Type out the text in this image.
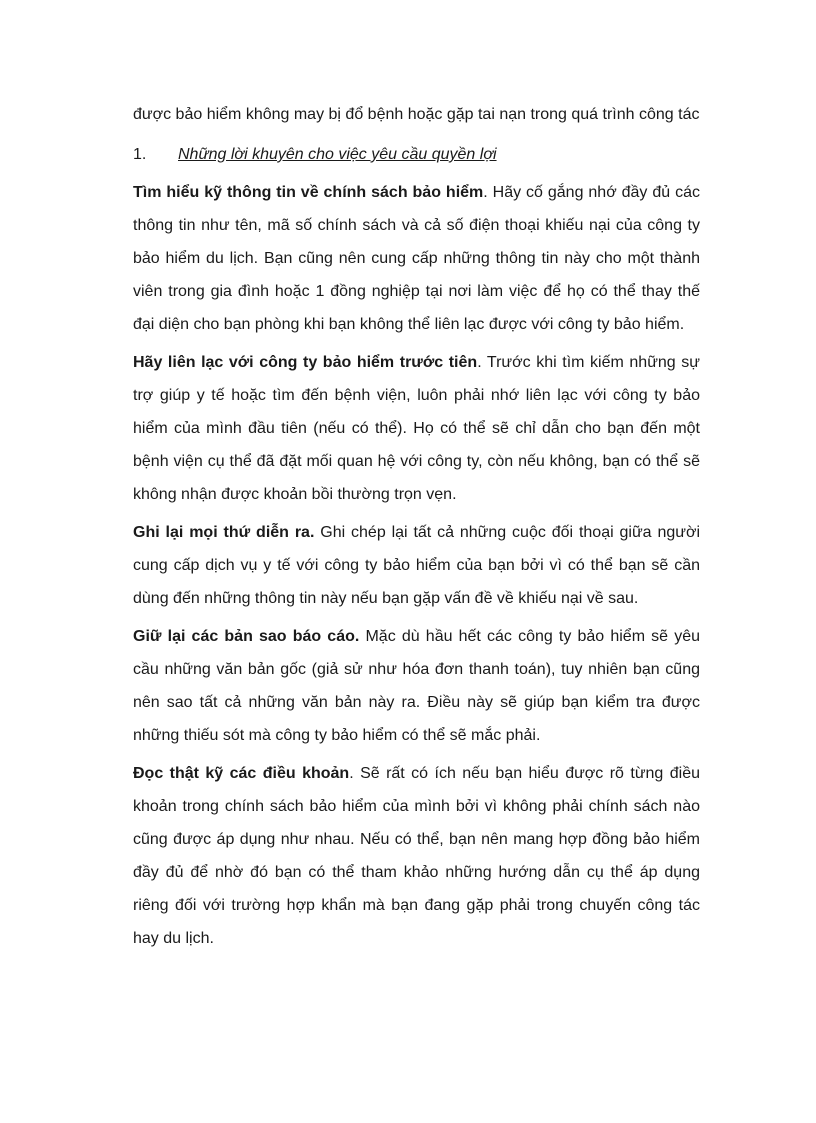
được bảo hiểm không may bị đổ bệnh hoặc gặp tai nạn trong quá trình công tác

1.	Những lời khuyên cho việc yêu cầu quyền lợi

Tìm hiểu kỹ thông tin về chính sách bảo hiểm. Hãy cố gắng nhớ đầy đủ các thông tin như tên, mã số chính sách và cả số điện thoại khiếu nại của công ty bảo hiểm du lịch. Bạn cũng nên cung cấp những thông tin này cho một thành viên trong gia đình hoặc 1 đồng nghiệp tại nơi làm việc để họ có thể thay thế đại diện cho bạn phòng khi bạn không thể liên lạc được với công ty bảo hiểm.

Hãy liên lạc với công ty bảo hiểm trước tiên. Trước khi tìm kiếm những sự trợ giúp y tế hoặc tìm đến bệnh viện, luôn phải nhớ liên lạc với công ty bảo hiểm của mình đầu tiên (nếu có thể). Họ có thể sẽ chỉ dẫn cho bạn đến một bệnh viện cụ thể đã đặt mối quan hệ với công ty, còn nếu không, bạn có thể sẽ không nhận được khoản bồi thường trọn vẹn.

Ghi lại mọi thứ diễn ra. Ghi chép lại tất cả những cuộc đối thoại giữa người cung cấp dịch vụ y tế với công ty bảo hiểm của bạn bởi vì có thể bạn sẽ cần dùng đến những thông tin này nếu bạn gặp vấn đề về khiếu nại về sau.

Giữ lại các bản sao báo cáo. Mặc dù hầu hết các công ty bảo hiểm sẽ yêu cầu những văn bản gốc (giả sử như hóa đơn thanh toán), tuy nhiên bạn cũng nên sao tất cả những văn bản này ra. Điều này sẽ giúp bạn kiểm tra được những thiếu sót mà công ty bảo hiểm có thể sẽ mắc phải.

Đọc thật kỹ các điều khoản. Sẽ rất có ích nếu bạn hiểu được rõ từng điều khoản trong chính sách bảo hiểm của mình bởi vì không phải chính sách nào cũng được áp dụng như nhau. Nếu có thể, bạn nên mang hợp đồng bảo hiểm đầy đủ để nhờ đó bạn có thể tham khảo những hướng dẫn cụ thể áp dụng riêng đối với trường hợp khẩn mà bạn đang gặp phải trong chuyến công tác hay du lịch.
